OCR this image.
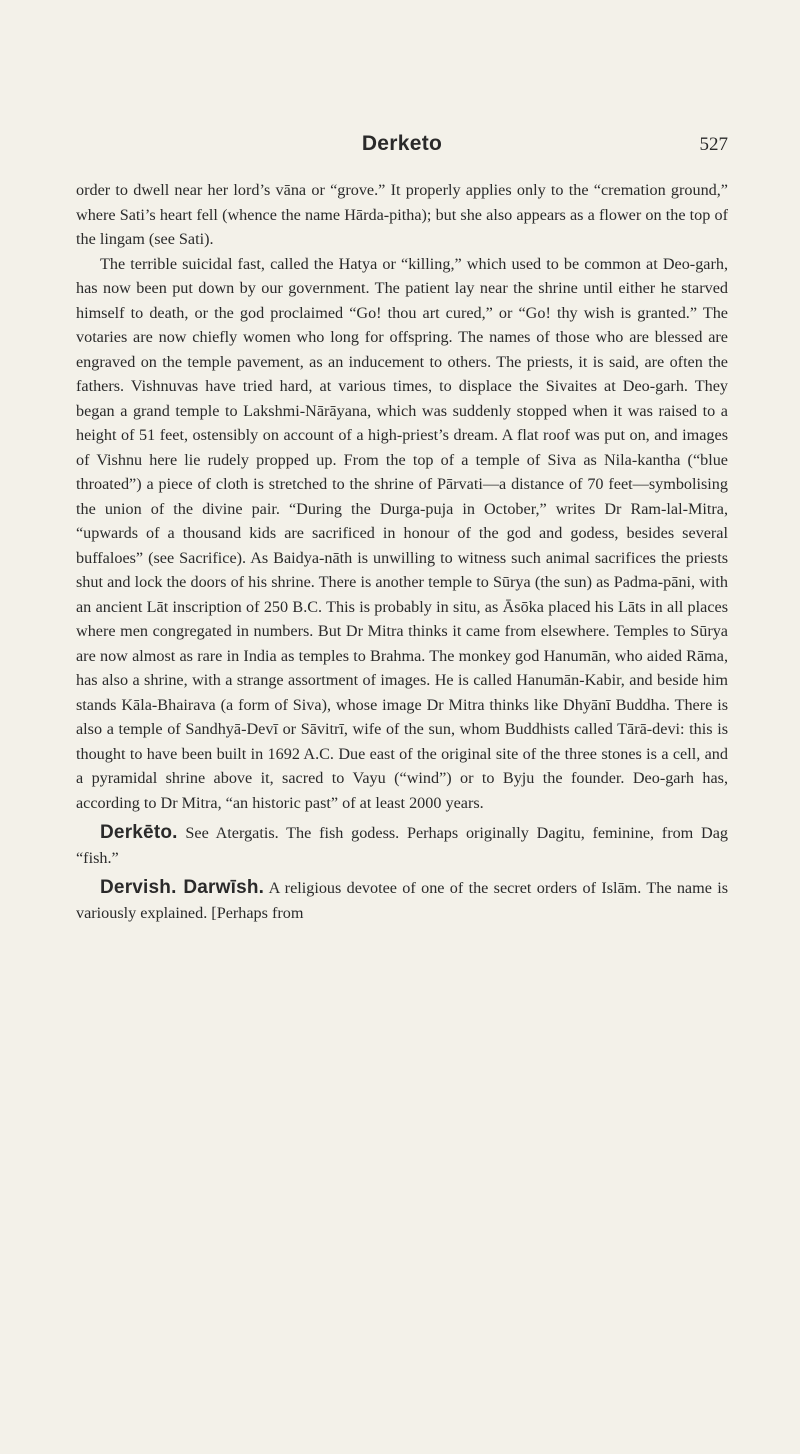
Derketo	527

order to dwell near her lord’s vāna or “grove.” It properly applies only to the “cremation ground,” where Sati’s heart fell (whence the name Hārda-pitha); but she also appears as a flower on the top of the lingam (see Sati).

The terrible suicidal fast, called the Hatya or “killing,” which used to be common at Deo-garh, has now been put down by our government. The patient lay near the shrine until either he starved himself to death, or the god proclaimed “Go! thou art cured,” or “Go! thy wish is granted.” The votaries are now chiefly women who long for offspring. The names of those who are blessed are engraved on the temple pavement, as an inducement to others. The priests, it is said, are often the fathers. Vishnuvas have tried hard, at various times, to displace the Sivaites at Deo-garh. They began a grand temple to Lakshmi-Nārāyana, which was suddenly stopped when it was raised to a height of 51 feet, ostensibly on account of a high-priest’s dream. A flat roof was put on, and images of Vishnu here lie rudely propped up. From the top of a temple of Siva as Nila-kantha (“blue throated”) a piece of cloth is stretched to the shrine of Pārvati—a distance of 70 feet—symbolising the union of the divine pair. “During the Durga-puja in October,” writes Dr Ram-lal-Mitra, “upwards of a thousand kids are sacrificed in honour of the god and godess, besides several buffaloes” (see Sacrifice). As Baidya-nāth is unwilling to witness such animal sacrifices the priests shut and lock the doors of his shrine. There is another temple to Sūrya (the sun) as Padma-pāni, with an ancient Lāt inscription of 250 B.C. This is probably in situ, as Āsōka placed his Lāts in all places where men congregated in numbers. But Dr Mitra thinks it came from elsewhere. Temples to Sūrya are now almost as rare in India as temples to Brahma. The monkey god Hanumān, who aided Rāma, has also a shrine, with a strange assortment of images. He is called Hanumān-Kabir, and beside him stands Kāla-Bhairava (a form of Siva), whose image Dr Mitra thinks like Dhyānī Buddha. There is also a temple of Sandhyā-Devī or Sāvitrī, wife of the sun, whom Buddhists called Tārā-devi: this is thought to have been built in 1692 A.C. Due east of the original site of the three stones is a cell, and a pyramidal shrine above it, sacred to Vayu (“wind”) or to Byju the founder. Deo-garh has, according to Dr Mitra, “an historic past” of at least 2000 years.

Derkēto. See Atergatis. The fish godess. Perhaps originally Dagitu, feminine, from Dag “fish.”

Dervish. Darwīsh. A religious devotee of one of the secret orders of Islām. The name is variously explained. [Perhaps from
